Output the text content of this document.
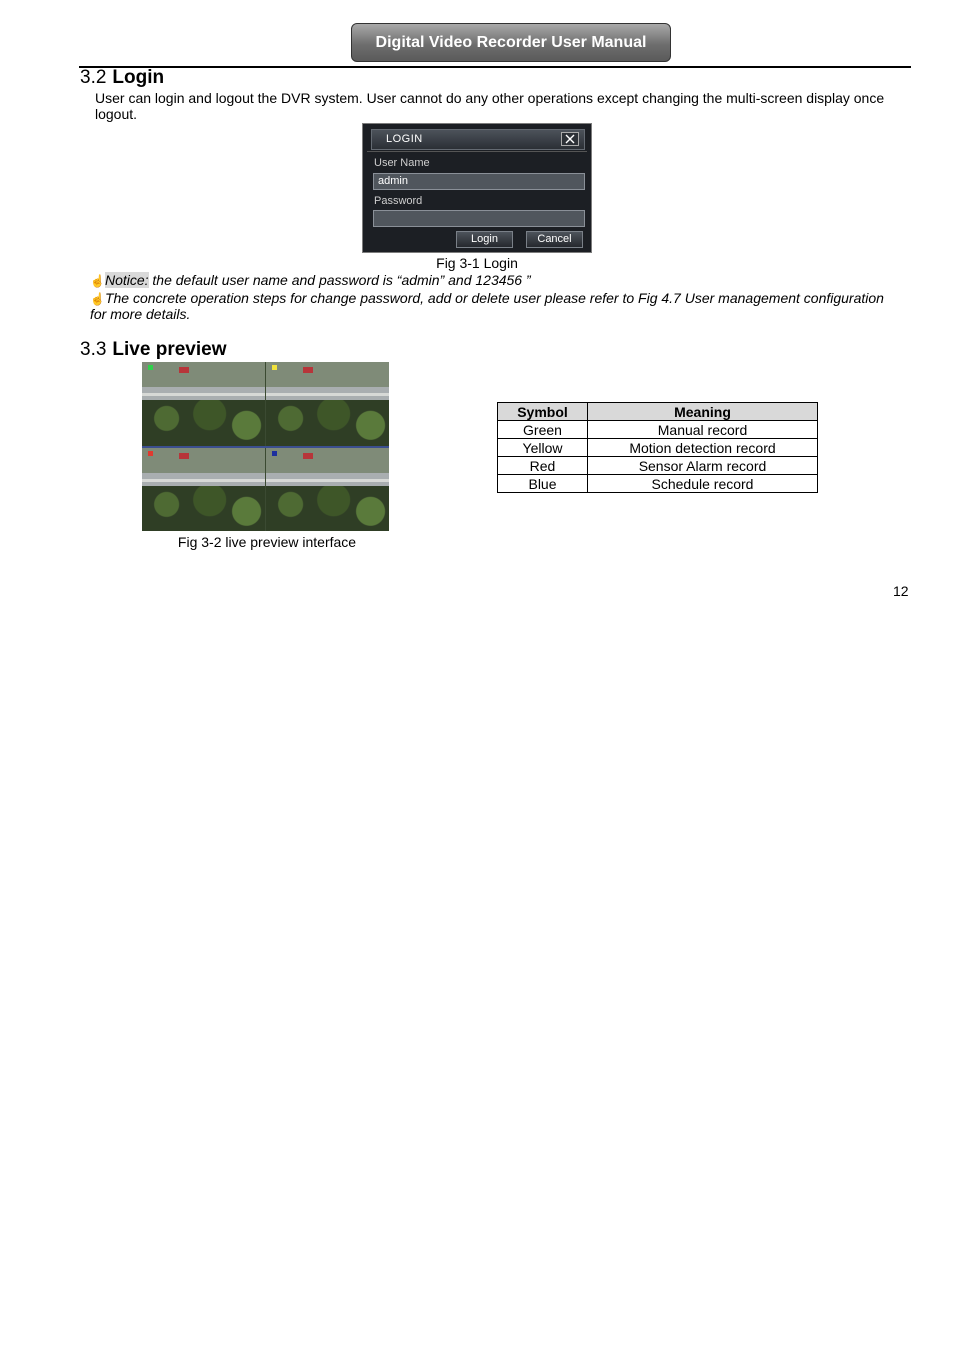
Digital Video Recorder User Manual
3.2 Login
User can login and logout the DVR system. User cannot do any other operations except changing the multi-screen display once
logout.
LOGIN
User Name
admin
Password
Login	Cancel
Fig 3-1 Login
☝Notice: the default user name and password is “admin” and 123456 ”
☝The concrete operation steps for change password, add or delete user please refer to Fig 4.7 User management configuration
for more details.
3.3 Live preview
Fig 3-2 live preview interface
Symbol	Meaning
Green	Manual record
Yellow	Motion detection record
Red	Sensor Alarm record
Blue	Schedule record
12
